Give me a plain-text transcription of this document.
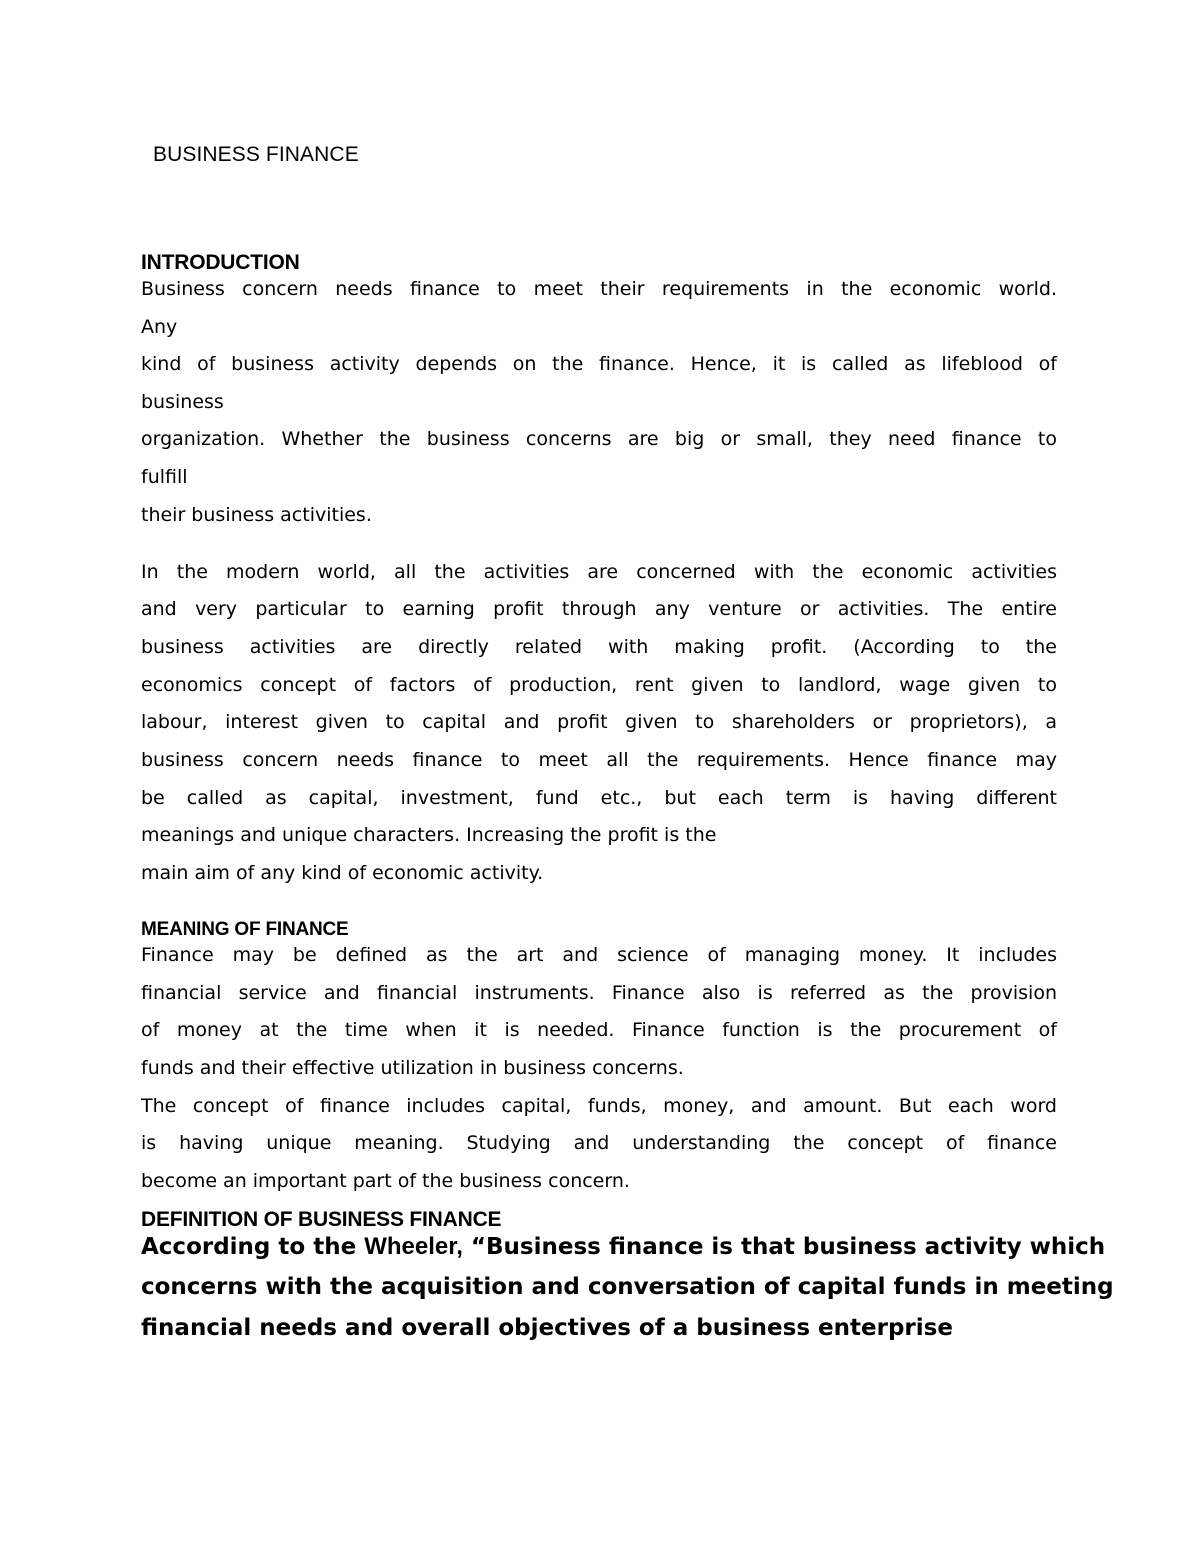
BUSINESS FINANCE
INTRODUCTION

Business concern needs finance to meet their requirements in the economic world.

Any

kind of business activity depends on the finance. Hence, it is called as lifeblood of

business

organization. Whether the business concerns are big or small, they need finance to

fulfill

their business activities.

In the modern world, all the activities are concerned with the economic activities

and very particular to earning profit through any venture or activities. The entire

business activities are directly related with making profit. (According to the

economics concept of factors of production, rent given to landlord, wage given to

labour, interest given to capital and profit given to shareholders or proprietors), a

business concern needs finance to meet all the requirements. Hence finance may

be called as capital, investment, fund etc., but each term is having different

meanings and unique characters. Increasing the profit is the

main aim of any kind of economic activity.

MEANING OF FINANCE

Finance may be defined as the art and science of managing money. It includes

financial service and financial instruments. Finance also is referred as the provision

of money at the time when it is needed. Finance function is the procurement of

funds and their effective utilization in business concerns.

The concept of finance includes capital, funds, money, and amount. But each word

is having unique meaning. Studying and understanding the concept of finance

become an important part of the business concern.

DEFINITION OF BUSINESS FINANCE

According to the Wheeler, “Business finance is that business activity which

concerns with the acquisition and conversation of capital funds in meeting

financial needs and overall objectives of a business enterprise
